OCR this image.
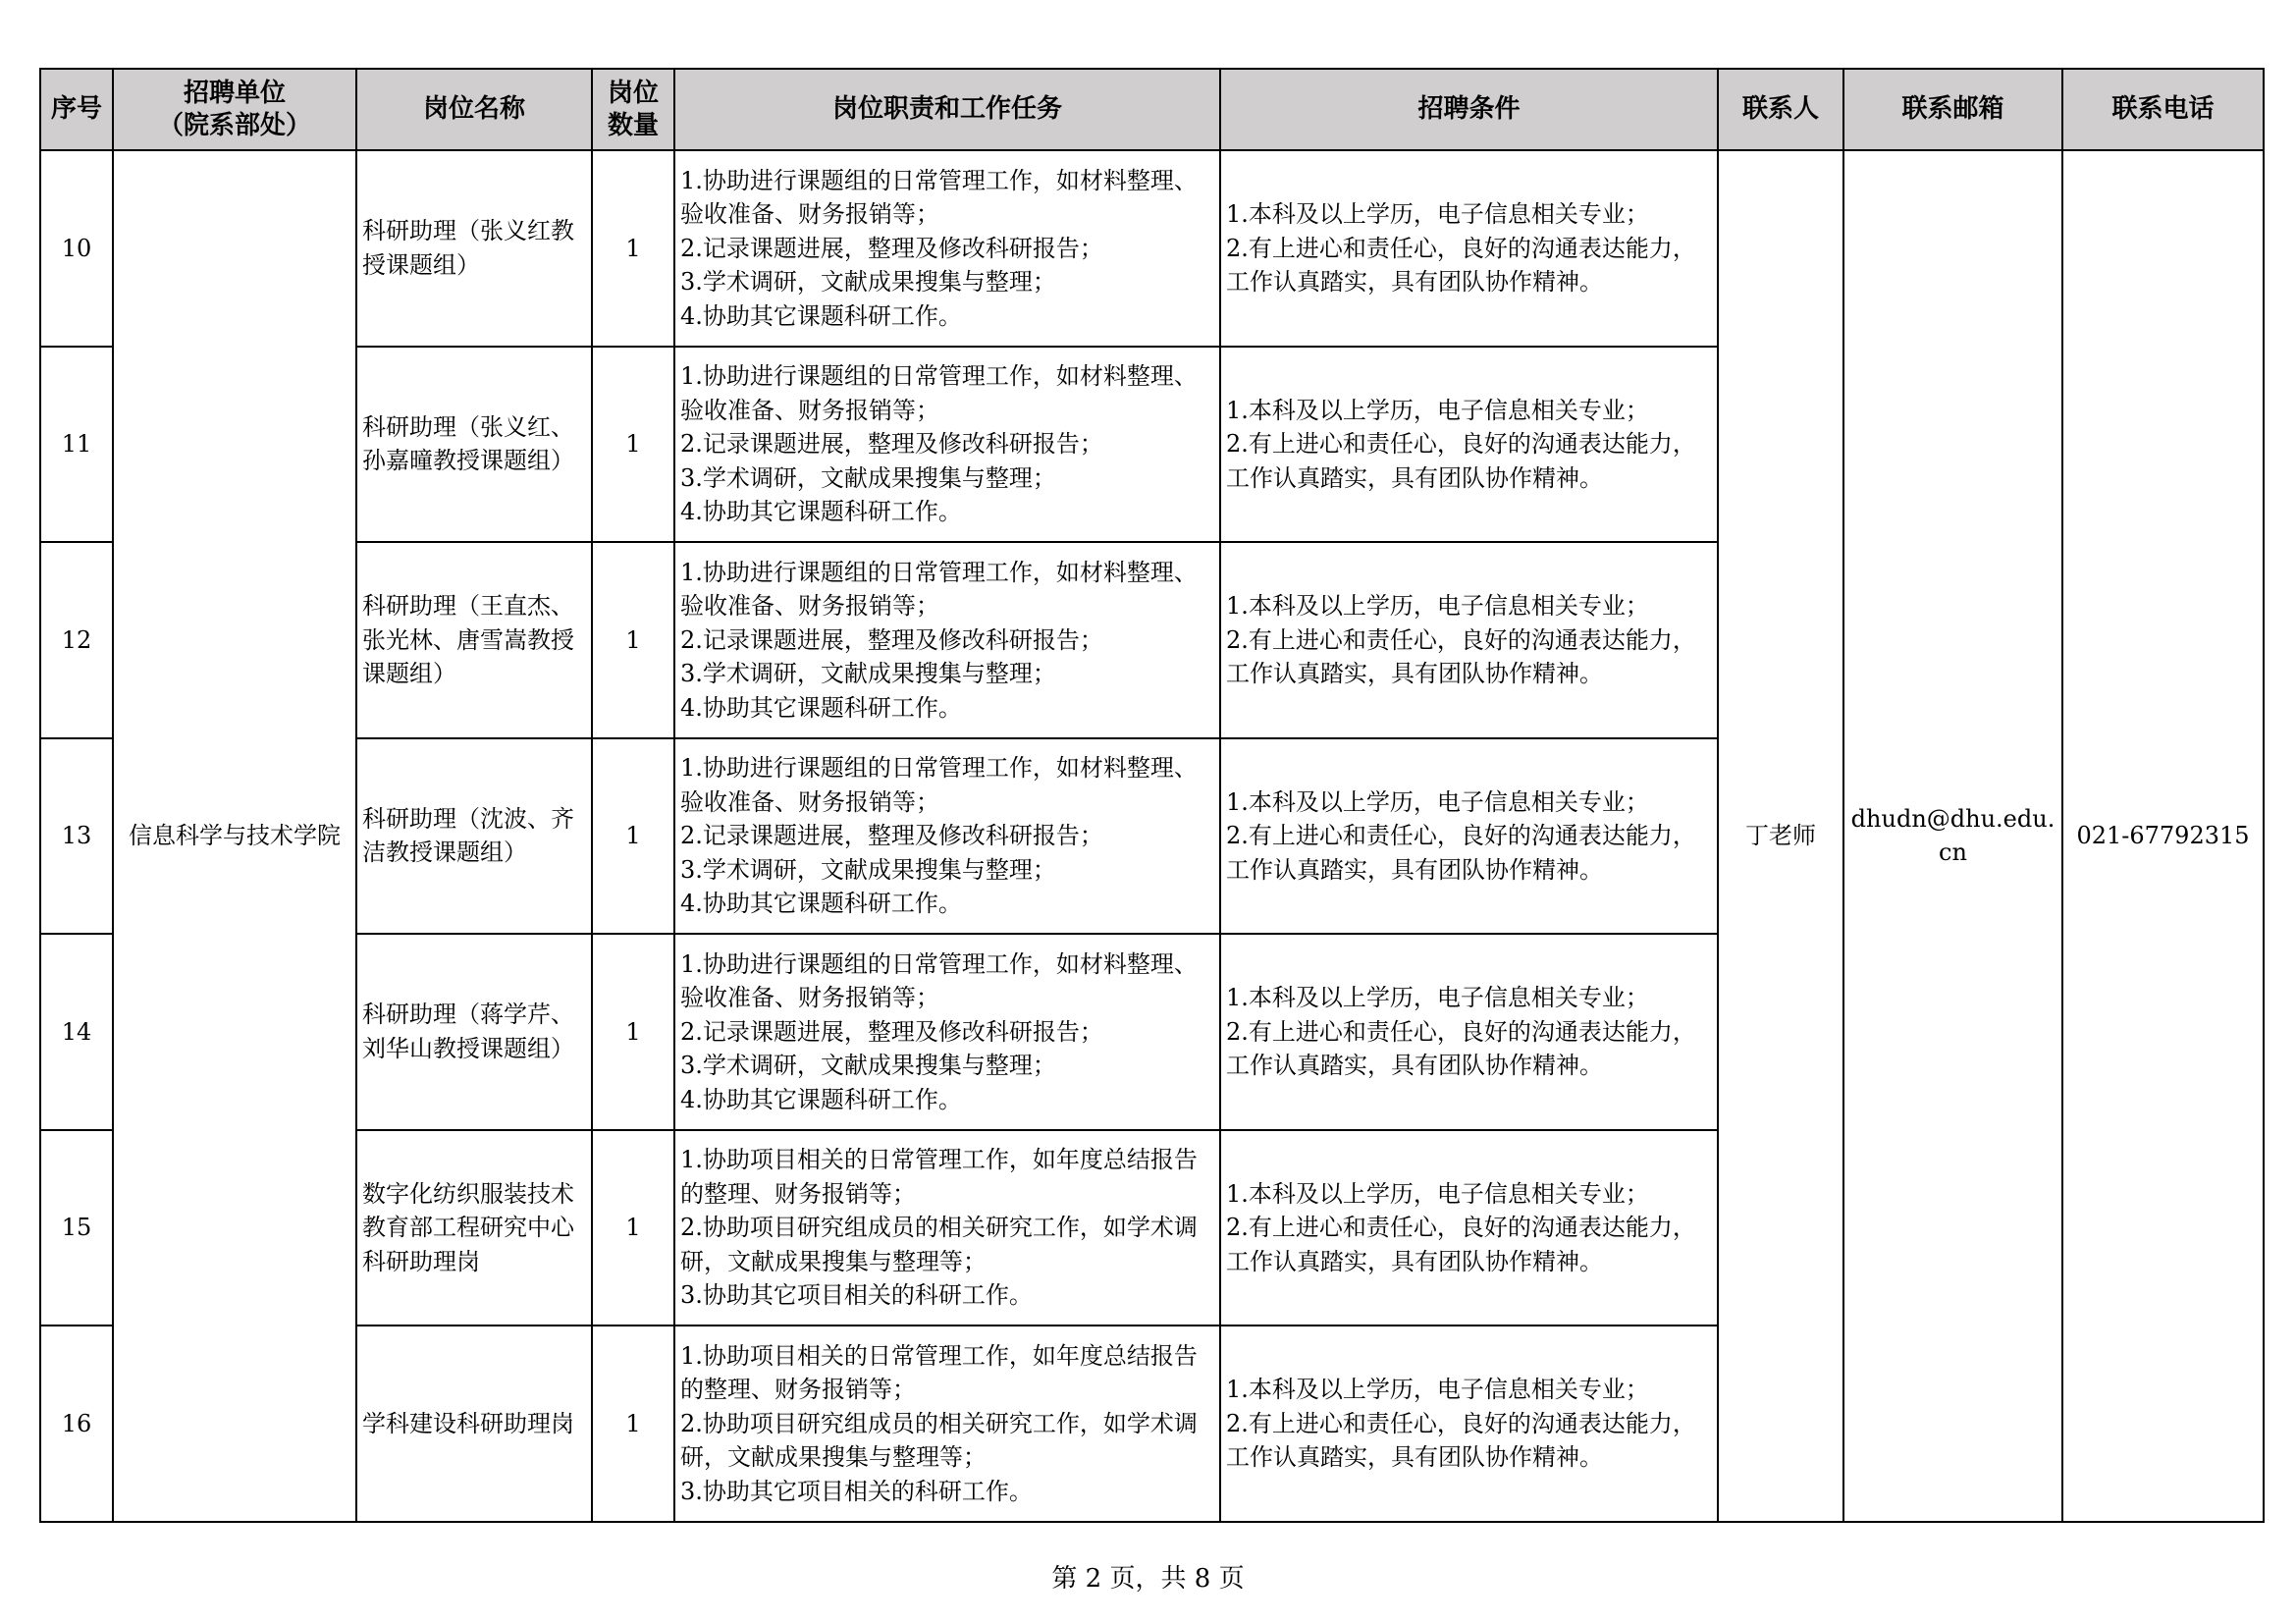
序号	招聘单位
（院系部处）	岗位名称	岗位
数量	岗位职责和工作任务	招聘条件	联系人	联系邮箱	联系电话
10	信息科学与技术学院	科研助理（张义红教授课题组）	1	1.协助进行课题组的日常管理工作，如材料整理、验收准备、财务报销等；
2.记录课题进展，整理及修改科研报告；
3.学术调研，文献成果搜集与整理；
4.协助其它课题科研工作。	1.本科及以上学历，电子信息相关专业；
2.有上进心和责任心，良好的沟通表达能力，工作认真踏实，具有团队协作精神。	丁老师	dhudn@dhu.edu.cn	021-67792315
11		科研助理（张义红、孙嘉曈教授课题组）	1	1.协助进行课题组的日常管理工作，如材料整理、验收准备、财务报销等；
2.记录课题进展，整理及修改科研报告；
3.学术调研，文献成果搜集与整理；
4.协助其它课题科研工作。	1.本科及以上学历，电子信息相关专业；
2.有上进心和责任心，良好的沟通表达能力，工作认真踏实，具有团队协作精神。			
12		科研助理（王直杰、张光林、唐雪嵩教授课题组）	1	1.协助进行课题组的日常管理工作，如材料整理、验收准备、财务报销等；
2.记录课题进展，整理及修改科研报告；
3.学术调研，文献成果搜集与整理；
4.协助其它课题科研工作。	1.本科及以上学历，电子信息相关专业；
2.有上进心和责任心，良好的沟通表达能力，工作认真踏实，具有团队协作精神。			
13		科研助理（沈波、齐洁教授课题组）	1	1.协助进行课题组的日常管理工作，如材料整理、验收准备、财务报销等；
2.记录课题进展，整理及修改科研报告；
3.学术调研，文献成果搜集与整理；
4.协助其它课题科研工作。	1.本科及以上学历，电子信息相关专业；
2.有上进心和责任心，良好的沟通表达能力，工作认真踏实，具有团队协作精神。			
14		科研助理（蒋学芹、刘华山教授课题组）	1	1.协助进行课题组的日常管理工作，如材料整理、验收准备、财务报销等；
2.记录课题进展，整理及修改科研报告；
3.学术调研，文献成果搜集与整理；
4.协助其它课题科研工作。	1.本科及以上学历，电子信息相关专业；
2.有上进心和责任心，良好的沟通表达能力，工作认真踏实，具有团队协作精神。			
15		数字化纺织服装技术教育部工程研究中心科研助理岗	1	1.协助项目相关的日常管理工作，如年度总结报告的整理、财务报销等；
2.协助项目研究组成员的相关研究工作，如学术调研，文献成果搜集与整理等；
3.协助其它项目相关的科研工作。	1.本科及以上学历，电子信息相关专业；
2.有上进心和责任心，良好的沟通表达能力，工作认真踏实，具有团队协作精神。			
16		学科建设科研助理岗	1	1.协助项目相关的日常管理工作，如年度总结报告的整理、财务报销等；
2.协助项目研究组成员的相关研究工作，如学术调研，文献成果搜集与整理等；
3.协助其它项目相关的科研工作。	1.本科及以上学历，电子信息相关专业；
2.有上进心和责任心，良好的沟通表达能力，工作认真踏实，具有团队协作精神。			
第 2 页，共 8 页
